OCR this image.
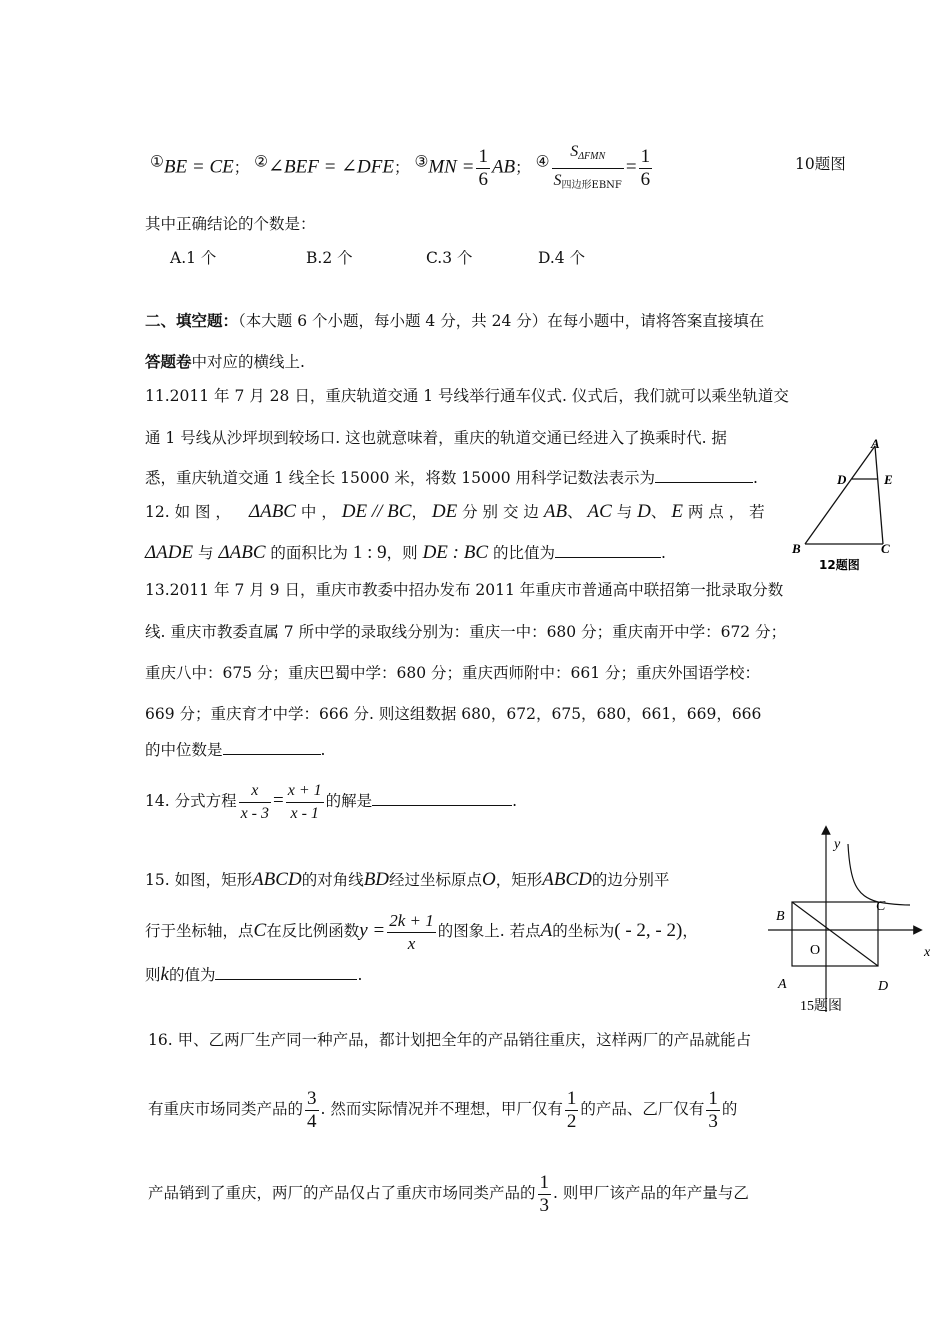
①BE = CE； ②∠BEF = ∠DFE； ③MN = $\frac{1}{6}$ AB； ④ $\frac{\text{SΔFMN}}{\text{S四边形EBNF}} = \frac{1}{6}$	10题图
其中正确结论的个数是：
A.1 个	B.2 个	C.3 个	D.4 个
二、填空题：（本大题 6 个小题，每小题 4 分，共 24 分）在每小题中，请将答案直接填在
答题卷中对应的横线上.
11.2011 年 7 月 28 日，重庆轨道交通 1 号线举行通车仪式. 仪式后，我们就可以乘坐轨道交
通 1 号线从沙坪坝到较场口. 这也就意味着，重庆的轨道交通已经进入了换乘时代. 据
悉，重庆轨道交通 1 线全长 15000 米，将数 15000 用科学记数法表示为	.
12. 如 图 ， ΔABC 中 ， DE // BC， DE 分 别 交 边 AB、 AC 与 D、 E 两 点 ， 若
ΔADE 与 ΔABC 的面积比为 1 : 9，则 DE : BC 的比值为	.
A
D	E
B	C
12题图
13.2011 年 7 月 9 日，重庆市教委中招办发布 2011 年重庆市普通高中联招第一批录取分数
线. 重庆市教委直属 7 所中学的录取线分别为：重庆一中：680 分；重庆南开中学：672 分；
重庆八中：675 分；重庆巴蜀中学：680 分；重庆西师附中：661 分；重庆外国语学校：
669 分；重庆育才中学：666 分. 则这组数据 680，672，675，680，661，669，666
的中位数是	.
14. 分式方程 $\frac{x}{x - 3} = \frac{x + 1}{x - 1}$ 的解是	.
15. 如图，矩形ABCD的对角线BD经过坐标原点O，矩形ABCD的边分别平
行于坐标轴，点C在反比例函数$y = \frac{2k + 1}{x}$ 的图象上. 若点A的坐标为( - 2, - 2)，
则k的值为	.
y
x
B
C
O
A	D
15题图
16. 甲、乙两厂生产同一种产品，都计划把全年的产品销往重庆，这样两厂的产品就能占
有重庆市场同类产品的 $\frac{3}{4}$ . 然而实际情况并不理想，甲厂仅有 $\frac{1}{2}$ 的产品、乙厂仅有 $\frac{1}{3}$ 的
产品销到了重庆，两厂的产品仅占了重庆市场同类产品的 $\frac{1}{3}$ . 则甲厂该产品的年产量与乙
